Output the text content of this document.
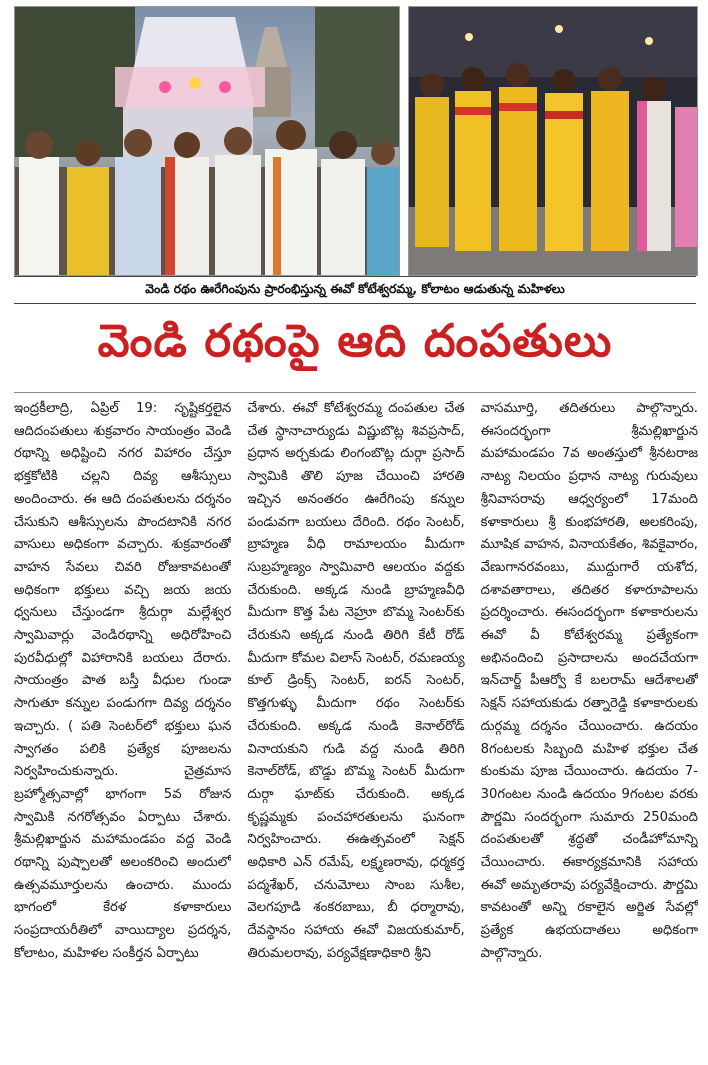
వెండి రథం ఊరేగింపును ప్రారంభిస్తున్న ఈవో కోటేశ్వరమ్మ, కోలాటం ఆడుతున్న మహిళలు
వెండి రథంపై ఆది దంపతులు

ఇంద్రకీలాద్రి, ఏప్రిల్ 19: సృష్టికర్తలైన ఆదిదంపతులు శుక్రవారం సాయంత్రం వెండి రథాన్ని అధిష్టించి నగర విహారం చేస్తూ భక్తకోటికి చల్లని దివ్య ఆశీస్సులు అందించారు. ఈ ఆది దంపతులను దర్శనం చేసుకుని ఆశీస్సులను పొందటానికి నగర వాసులు అధికంగా వచ్చారు. శుక్రవారంతో వాహన సేవలు చివరి రోజుకావటంతో అధికంగా భక్తులు వచ్చి జయ జయ ధ్వనులు చేస్తుండగా శ్రీదుర్గా మల్లేశ్వర స్వామివార్లు వెండిరథాన్ని అధిరోహించి పురవీధుల్లో విహారానికి బయలు దేరారు. సాయంత్రం పాత బస్తీ వీధుల గుండా సాగుతూ కన్నుల పండుగగా దివ్య దర్శనం ఇచ్చారు. ( పతి సెంటర్‌లో భక్తులు ఘన స్వాగతం పలికి ప్రత్యేక పూజలను నిర్వహించుకున్నారు. చైత్రమాస బ్రహ్మోత్సవాల్లో భాగంగా 5వ రోజున స్వామికి నగరోత్సవం ఏర్పాటు చేశారు. శ్రీమల్లిఖార్జున మహామండపం వద్ద వెండి రథాన్ని పుష్పాలతో అలంకరించి అందులో ఉత్సవమూర్తులను ఉంచారు. ముందు భాగంలో కేరళ కళాకారులు సంప్రదాయరీతిలో వాయిద్యాల ప్రదర్శన, కోలాటం, మహిళల సంకీర్తన ఏర్పాటు

చేశారు. ఈవో కోటేశ్వరమ్మ దంపతుల చేత చేత స్థానాచార్యుడు విష్ణుబొట్ల శివప్రసాద్, ప్రధాన అర్చకుడు లింగంబొట్ల దుర్గా ప్రసాద్ స్వామికి తొలి పూజ చేయించి హారతి ఇచ్చిన అనంతరం ఊరేగింపు కన్నుల పండువగా బయలు దేరింది. రథం సెంటర్, బ్రాహ్మణ వీధి రామాలయం మీదుగా సుబ్రహ్మణ్యం స్వామివారి ఆలయం వద్దకు చేరుకుంది. అక్కడ నుండి బ్రాహ్మణవీధి మీదుగా కొత్త పేట నెహ్రూ బొమ్మ సెంటర్‌కు చేరుకుని అక్కడ నుండి తిరిగి కేటీ రోడ్ మీదుగా కోమల విలాస్ సెంటర్, రమణయ్య కూల్ డ్రింక్స్ సెంటర్, ఐరన్ సెంటర్, కొత్తగుళ్ళు మీదుగా రథం సెంటర్‌కు చేరుకుంది. అక్కడ నుండి కెనాల్‌రోడ్ వినాయకుని గుడి వద్ద నుండి తిరిగి కెనాల్‌రోడ్, బొడ్డు బొమ్మ సెంటర్ మీదుగా దుర్గా ఘాట్‌కు చేరుకుంది. అక్కడ కృష్ణమ్మకు పంచహారతులను ఘనంగా నిర్వహించారు. ఈఉత్సవంలో సెక్షన్ అధికారి ఎన్ రమేష్, లక్ష్మణరావు, ధర్మకర్త పద్మశేఖర్, చనుమోలు సాంబ సుశీల, వెలగపూడి శంకరబాబు, బీ ధర్మారావు, దేవస్థానం సహాయ ఈవో విజయకుమార్, తిరుమలరావు, పర్యవేక్షణాధికారి శ్రీని

వాసమూర్తి, తదితరులు పాల్గొన్నారు. ఈసందర్భంగా శ్రీమల్లిఖార్జున మహామండపం 7వ అంతస్తులో శ్రీనటరాజ నాట్య నిలయం ప్రధాన నాట్య గురువులు శ్రీనివాసరావు ఆధ్వర్యంలో 17మంది కళాకారులు శ్రీ కుంభహారతి, అలకరింపు, మూషిక వాహన, వినాయకేతం, శివకైవారం, వేణుగానరవంబు, ముద్దుగారే యశోద, దశావతారాలు, తదితర కళారూపాలను ప్రదర్శించారు. ఈసందర్భంగా కళాకారులను ఈవో వీ కోటేశ్వరమ్మ ప్రత్యేకంగా అభినందించి ప్రసాదాలను అందచేయగా ఇన్‌చార్జ్ పీఆర్వో కే బలరామ్ ఆదేశాలతో సెక్షన్ సహాయకుడు రత్నారెడ్డి కళాకారులకు దుర్గమ్మ దర్శనం చేయించారు. ఉదయం 8గంటలకు సిబ్బంది మహిళ భక్తుల చేత కుంకుమ పూజ చేయించారు. ఉదయం 7-30గంటల నుండి ఉదయం 9గంటల వరకు పౌర్ణమి సందర్భంగా సుమారు 250మంది దంపతులతో శ్రద్ధతో చండీహోమాన్ని చేయించారు. ఈకార్యక్రమానికి సహాయ ఈవో అమృతరావు పర్యవేక్షించారు. పౌర్ణమి కావటంతో అన్ని రకాలైన అర్జిత సేవల్లో ప్రత్యేక ఉభయదాతలు అధికంగా పాల్గొన్నారు.
